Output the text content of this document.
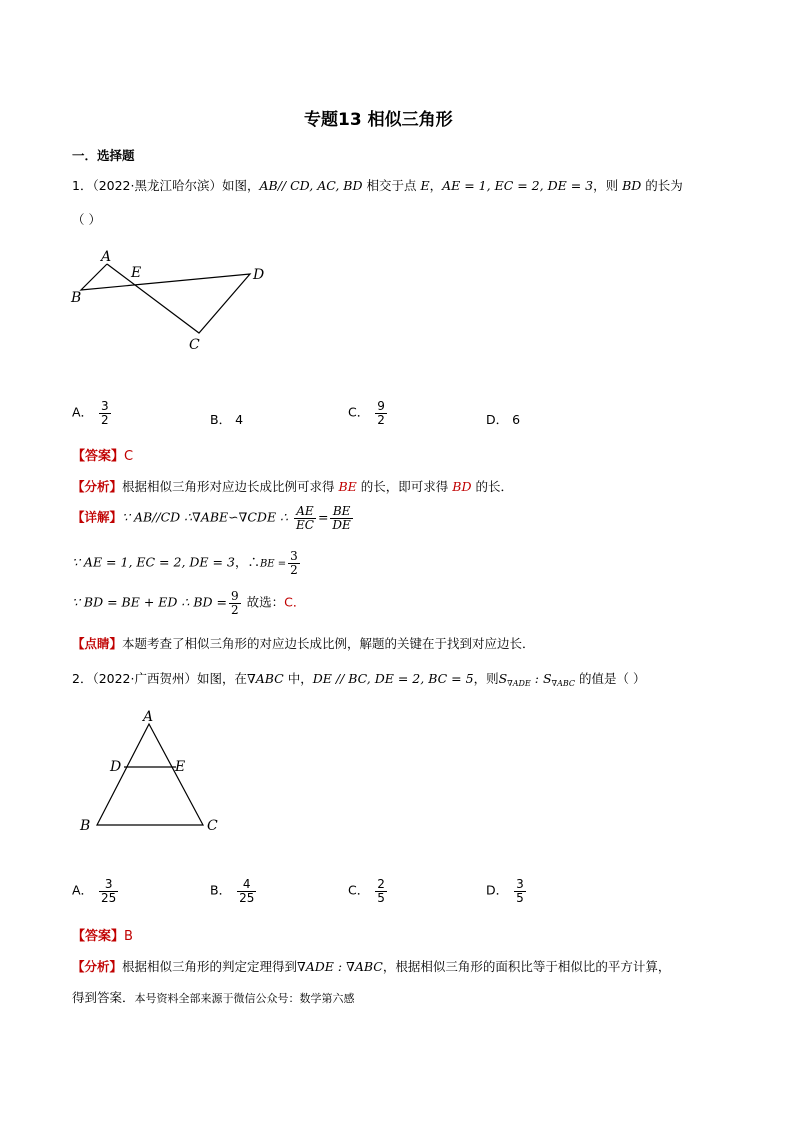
专题13 相似三角形
一．选择题
1．（2022·黑龙江哈尔滨）如图，AB// CD, AC, BD 相交于点 E，AE = 1, EC = 2, DE = 3，则 BD 的长为
（ ）
A
E	D
B
C
A． $\frac{3}{2}$	B． 4	C． $\frac{9}{2}$	D． 6
【答案】C
【分析】根据相似三角形对应边长成比例可求得 BE 的长，即可求得 BD 的长．
【详解】∵ AB//CD ∴∇ABE∽∇CDE ∴ $\frac{AE}{EC} = \frac{BE}{DE}$
∵ AE = 1, EC = 2, DE = 3，∴BE = $\frac{3}{2}$
∵ BD = BE + ED ∴ BD = $\frac{9}{2}$ 故选：C．
【点睛】本题考查了相似三角形的对应边长成比例，解题的关键在于找到对应边长．
2．（2022·广西贺州）如图，在∇ABC 中，DE // BC, DE = 2, BC = 5，则$S_{\nabla ADE}$ : $S_{\nabla ABC}$ 的值是（ ）
A
D	E
B	C
A． $\frac{3}{25}$	B． $\frac{4}{25}$	C． $\frac{2}{5}$	D． $\frac{3}{5}$
【答案】B
【分析】根据相似三角形的判定定理得到∇ADE : ∇ABC，根据相似三角形的面积比等于相似比的平方计算，
得到答案．本号资料全部来源于微信公众号：数学第六感
